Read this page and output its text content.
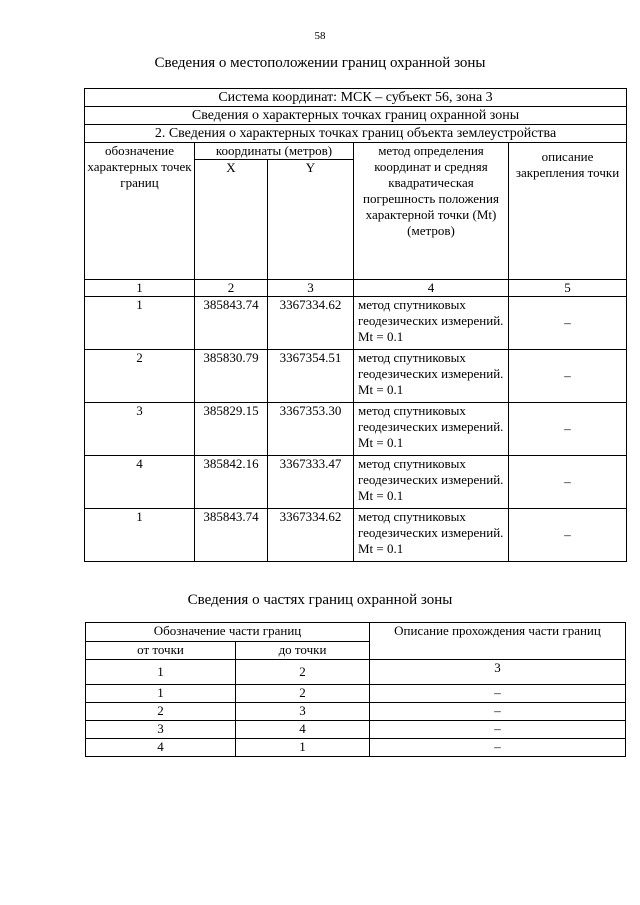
58
Сведения о местоположении границ охранной зоны
Система координат: МСК – субъект 56, зона 3				
Сведения о характерных точках границ охранной зоны				
2. Сведения о характерных точках границ объекта землеустройства				
обозначение характерных точек границ	координаты (метров)		метод определения координат и средняя квадратическая погрешность положения характерной точки (Mt) (метров)	описание закрепления точки
	X	Y		
1	2	3	4	5
1	385843.74	3367334.62	метод спутниковых геодезических измерений. Mt = 0.1	–
2	385830.79	3367354.51	метод спутниковых геодезических измерений. Mt = 0.1	–
3	385829.15	3367353.30	метод спутниковых геодезических измерений. Mt = 0.1	–
4	385842.16	3367333.47	метод спутниковых геодезических измерений. Mt = 0.1	–
1	385843.74	3367334.62	метод спутниковых геодезических измерений. Mt = 0.1	–
Сведения о частях границ охранной зоны
Обозначение части границ		Описание прохождения части границ
от точки	до точки	
1	2	3
1	2	–
2	3	–
3	4	–
4	1	–
